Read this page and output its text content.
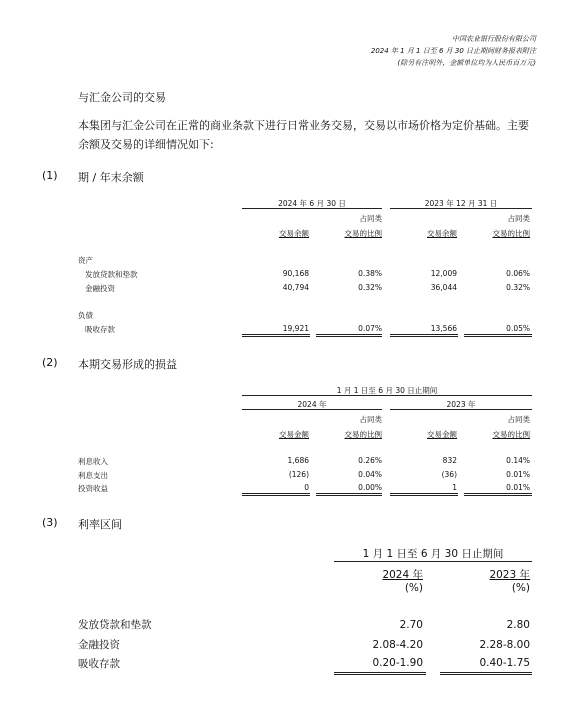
中国农业银行股份有限公司
2024 年 1 月 1 日至 6 月 30 日止期间财务报表附注
(除另有注明外，金额单位均为人民币百万元)
与汇金公司的交易
本集团与汇金公司在正常的商业条款下进行日常业务交易，交易以市场价格为定价基础。主要
余额及交易的详细情况如下:
(1) 期 / 年末余额
2024 年 6 月 30 日	2023 年 12 月 31 日
占同类	占同类
交易余额	交易的比例	交易余额	交易的比例
资产
发放贷款和垫款	90,168	0.38%	12,009	0.06%
金融投资	40,794	0.32%	36,044	0.32%
负债
吸收存款	19,921	0.07%	13,566	0.05%
(2) 本期交易形成的损益
1 月 1 日至 6 月 30 日止期间
2024 年	2023 年
占同类	占同类
交易金额	交易的比例	交易金额	交易的比例
利息收入	1,686	0.26%	832	0.14%
利息支出	(126)	0.04%	(36)	0.01%
投资收益	0	0.00%	1	0.01%
(3) 利率区间
1 月 1 日至 6 月 30 日止期间
2024 年	2023 年
(%)	(%)
发放贷款和垫款	2.70	2.80
金融投资	2.08-4.20	2.28-8.00
吸收存款	0.20-1.90	0.40-1.75
